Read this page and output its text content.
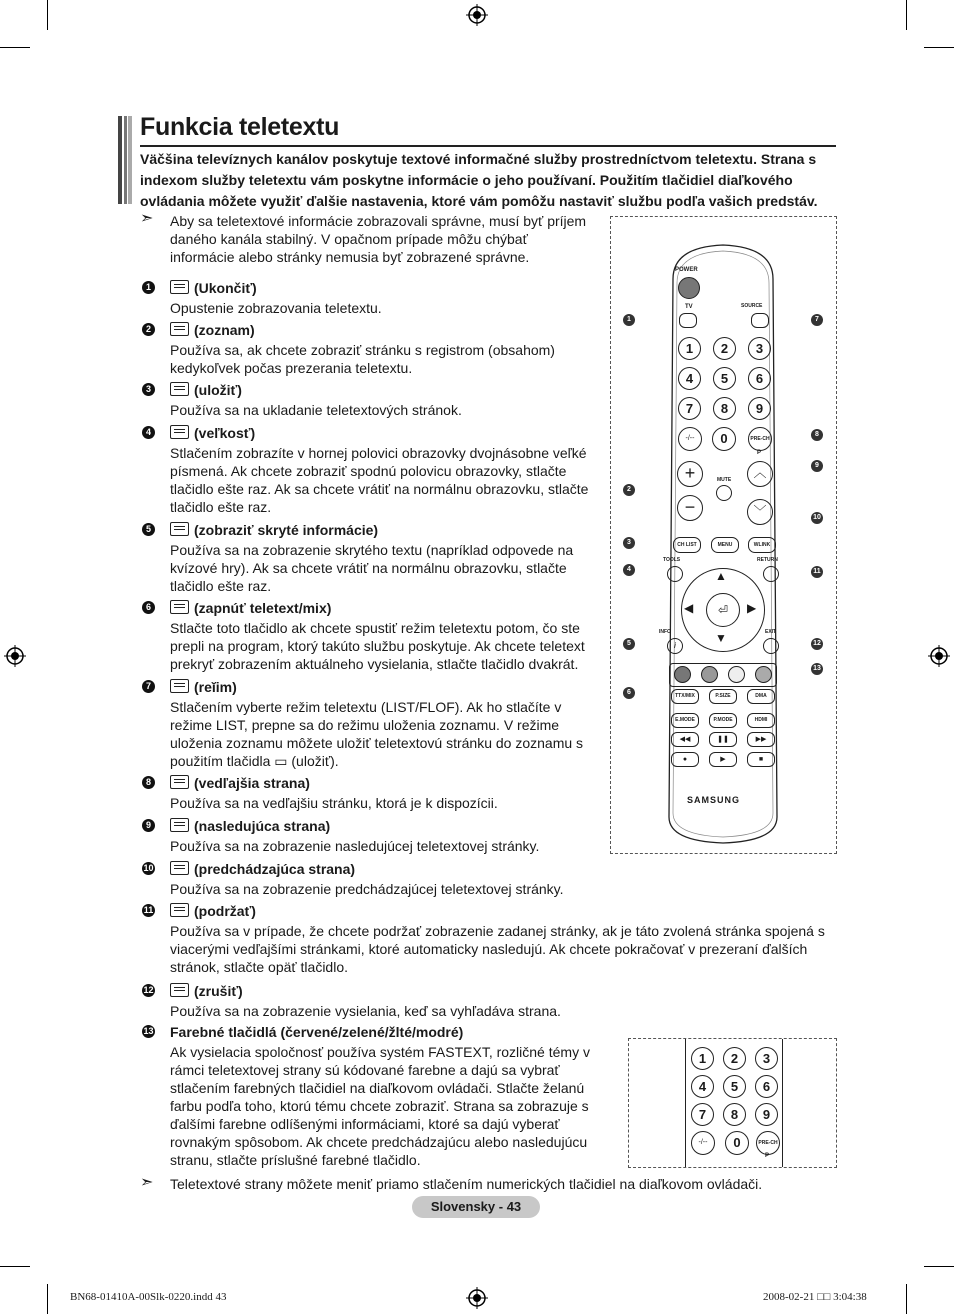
Funkcia teletextu
Väčšina televíznych kanálov poskytuje textové informačné služby prostredníctvom teletextu. Strana s indexom služby teletextu vám poskytne informácie o jeho používaní. Použitím tlačidiel diaľkového ovládania môžete využiť ďalšie nastavenia, ktoré vám pomôžu nastaviť službu podľa vašich predstáv.
➣ Aby sa teletextové informácie zobrazovali správne, musí byť príjem daného kanála stabilný. V opačnom prípade môžu chýbať informácie alebo stránky nemusia byť zobrazené správne.
1	(Ukončiť)
Opustenie zobrazovania teletextu.
2	(zoznam)
Používa sa, ak chcete zobraziť stránku s registrom (obsahom) kedykoľvek počas prezerania teletextu.
3	(uložiť)
Používa sa na ukladanie teletextových stránok.
4	(veľkosť)
Stlačením zobrazíte v hornej polovici obrazovky dvojnásobne veľké písmená. Ak chcete zobraziť spodnú polovicu obrazovky, stlačte tlačidlo ešte raz. Ak sa chcete vrátiť na normálnu obrazovku, stlačte tlačidlo ešte raz.
5	(zobraziť skryté informácie)
Používa sa na zobrazenie skrytého textu (napríklad odpovede na kvízové hry). Ak sa chcete vrátiť na normálnu obrazovku, stlačte tlačidlo ešte raz.
6	(zapnúť teletext/mix)
Stlačte toto tlačidlo ak chcete spustiť režim teletextu potom, čo ste prepli na program, ktorý takúto službu poskytuje. Ak chcete teletext prekryť zobrazením aktuálneho vysielania, stlačte tlačidlo dvakrát.
7	(reĭim)
Stlačením vyberte režim teletextu (LIST/FLOF). Ak ho stlačíte v režime LIST, prepne sa do režimu uloženia zoznamu. V režime uloženia zoznamu môžete uložiť teletextovú stránku do zoznamu s použitím tlačidla ▭ (uložiť).
8	(vedľajšia strana)
Používa sa na vedľajšiu stránku, ktorá je k dispozícii.
9	(nasledujúca strana)
Používa sa na zobrazenie nasledujúcej teletextovej stránky.
10	(predchádzajúca strana)
Používa sa na zobrazenie predchádzajúcej teletextovej stránky.
11	(podržať)
Používa sa v prípade, že chcete podržať zobrazenie zadanej stránky, ak je táto zvolená stránka spojená s viacerými vedľajšími stránkami, ktoré automaticky nasledujú. Ak chcete pokračovať v prezeraní ďalších stránok, stlačte opäť tlačidlo.
12	(zrušiť)
Používa sa na zobrazenie vysielania, keď sa vyhľadáva strana.
13 Farebné tlačidlá (červené/zelené/žlté/modré)
Ak vysielacia spoločnosť používa systém FASTEXT, rozličné témy v rámci teletextovej strany sú kódované farebne a dajú sa vybrať stlačením farebných tlačidiel na diaľkovom ovládači. Stlačte želanú farbu podľa toho, ktorú tému chcete zobraziť. Strana sa zobrazuje s ďalšími farebne odlíšenými informáciami, ktoré sa dajú vyberať rovnakým spôsobom. Ak chcete predchádzajúcu alebo nasledujúcu stranu, stlačte príslušné farebné tlačidlo.
POWER
TV	SOURCE
1	2	3
4	5	6
7	8	9
-/--	0	PRE-CH
P
+
−
MUTE	︿
﹀
CH LIST	MENU	WLINK
TOOLS	RETURN
⏎
▲
▼
◀	▶
INFO
i
EXIT
TTX/MIX	P.SIZE	DMA
E.MODE	P.MODE	HDMI
◀◀	❚❚	▶▶
●	▶	■
SAMSUNG
1
2
3
4
5
6
7
8
9
10
11
12
13
1	2	3
4	5	6
7	8	9
-/--	0	PRE-CH
P
➣ Teletextové strany môžete meniť priamo stlačením numerických tlačidiel na diaľkovom ovládači.
Slovensky - 43
BN68-01410A-00Slk-0220.indd 43	2008-02-21 □□ 3:04:38
